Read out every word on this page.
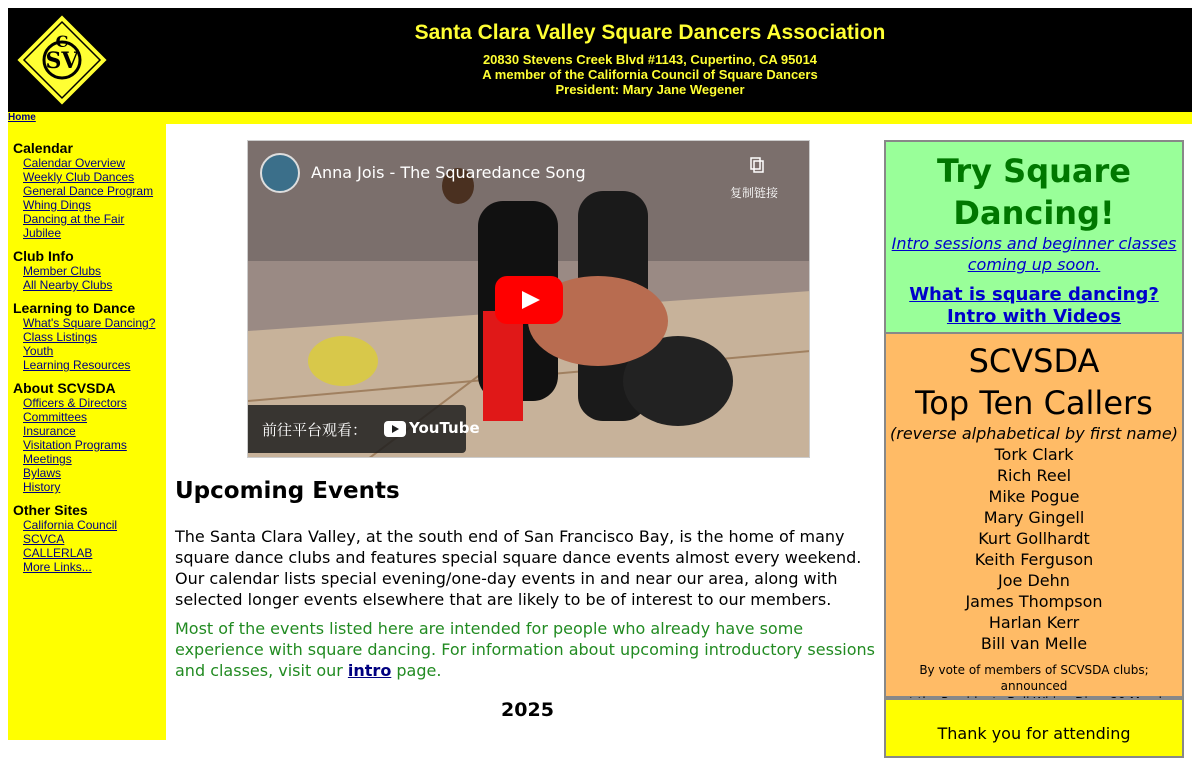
SV
C	Santa Clara Valley Square Dancers Association
20830 Stevens Creek Blvd #1143, Cupertino, CA 95014
A member of the California Council of Square Dancers
President: Mary Jane Wegener
Home
Calendar
Calendar Overview
Weekly Club Dances
General Dance Program
Whing Dings
Dancing at the Fair
Jubilee
Club Info
Member Clubs
All Nearby Clubs
Learning to Dance
What's Square Dancing?
Class Listings
Youth
Learning Resources
About SCVSDA
Officers & Directors
Committees
Insurance
Visitation Programs
Meetings
Bylaws
History
Other Sites
California Council
SCVCA
CALLERLAB
More Links...
Anna Jois - The Squaredance Song
复制链接
前往平台观看：	YouTube
Upcoming Events

The Santa Clara Valley, at the south end of San Francisco Bay, is the home of many square dance clubs and features special square dance events almost every weekend. Our calendar lists special evening/one-day events in and near our area, along with selected longer events elsewhere that are likely to be of interest to our members.

Most of the events listed here are intended for people who already have some experience with square dancing. For information about upcoming introductory sessions and classes, visit our intro page.

2025
Try Square
Dancing!
Intro sessions and beginner classes
coming up soon.
What is square dancing?
Intro with Videos
SCVSDA
Top Ten Callers
(reverse alphabetical by first name)
Tork Clark
Rich Reel
Mike Pogue
Mary Gingell
Kurt Gollhardt
Keith Ferguson
Joe Dehn
James Thompson
Harlan Kerr
Bill van Melle
By vote of members of SCVSDA clubs; announced
Thank you for attending
